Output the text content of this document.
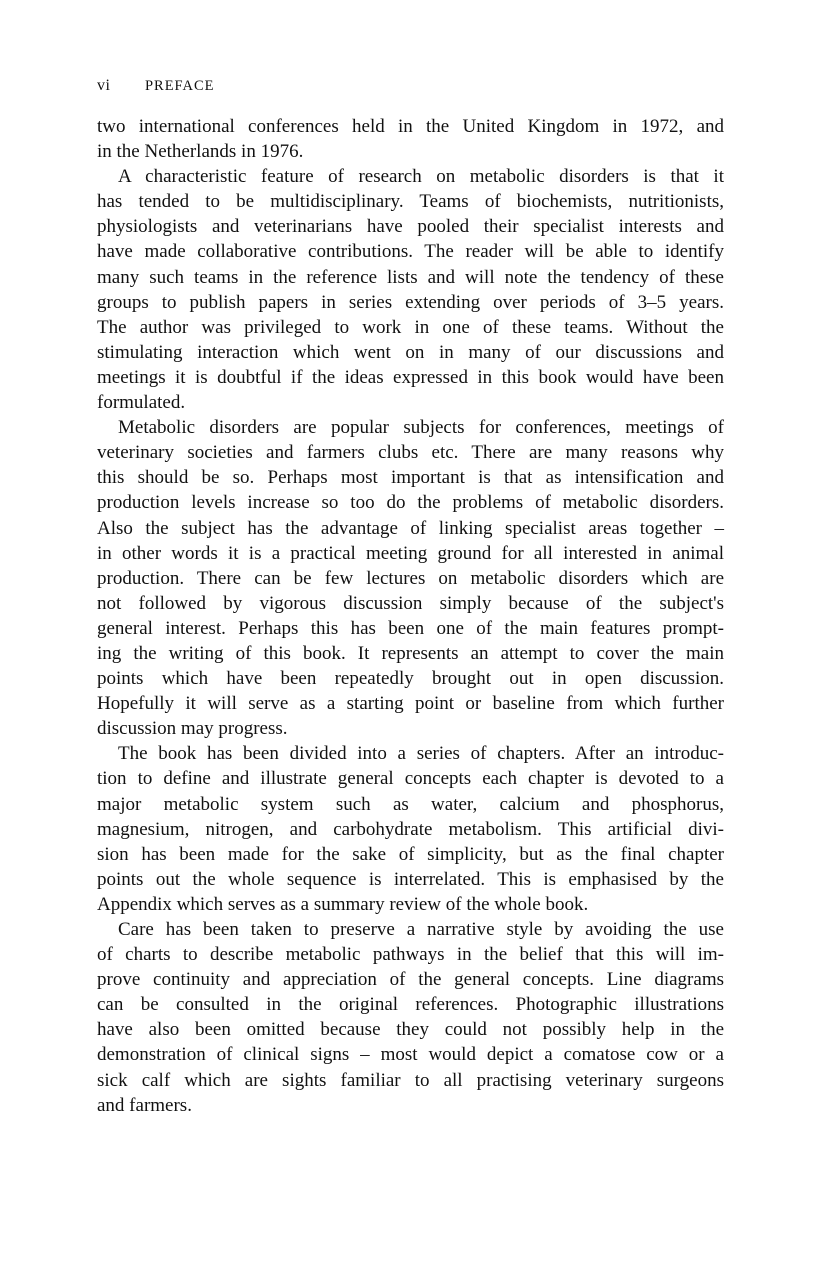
vi PREFACE
two international conferences held in the United Kingdom in 1972, and
in the Netherlands in 1976.
A characteristic feature of research on metabolic disorders is that it
has tended to be multidisciplinary. Teams of biochemists, nutritionists,
physiologists and veterinarians have pooled their specialist interests and
have made collaborative contributions. The reader will be able to identify
many such teams in the reference lists and will note the tendency of these
groups to publish papers in series extending over periods of 3–5 years.
The author was privileged to work in one of these teams. Without the
stimulating interaction which went on in many of our discussions and
meetings it is doubtful if the ideas expressed in this book would have been
formulated.
Metabolic disorders are popular subjects for conferences, meetings of
veterinary societies and farmers clubs etc. There are many reasons why
this should be so. Perhaps most important is that as intensification and
production levels increase so too do the problems of metabolic disorders.
Also the subject has the advantage of linking specialist areas together –
in other words it is a practical meeting ground for all interested in animal
production. There can be few lectures on metabolic disorders which are
not followed by vigorous discussion simply because of the subject's
general interest. Perhaps this has been one of the main features prompt-
ing the writing of this book. It represents an attempt to cover the main
points which have been repeatedly brought out in open discussion.
Hopefully it will serve as a starting point or baseline from which further
discussion may progress.
The book has been divided into a series of chapters. After an introduc-
tion to define and illustrate general concepts each chapter is devoted to a
major metabolic system such as water, calcium and phosphorus,
magnesium, nitrogen, and carbohydrate metabolism. This artificial divi-
sion has been made for the sake of simplicity, but as the final chapter
points out the whole sequence is interrelated. This is emphasised by the
Appendix which serves as a summary review of the whole book.
Care has been taken to preserve a narrative style by avoiding the use
of charts to describe metabolic pathways in the belief that this will im-
prove continuity and appreciation of the general concepts. Line diagrams
can be consulted in the original references. Photographic illustrations
have also been omitted because they could not possibly help in the
demonstration of clinical signs – most would depict a comatose cow or a
sick calf which are sights familiar to all practising veterinary surgeons
and farmers.
